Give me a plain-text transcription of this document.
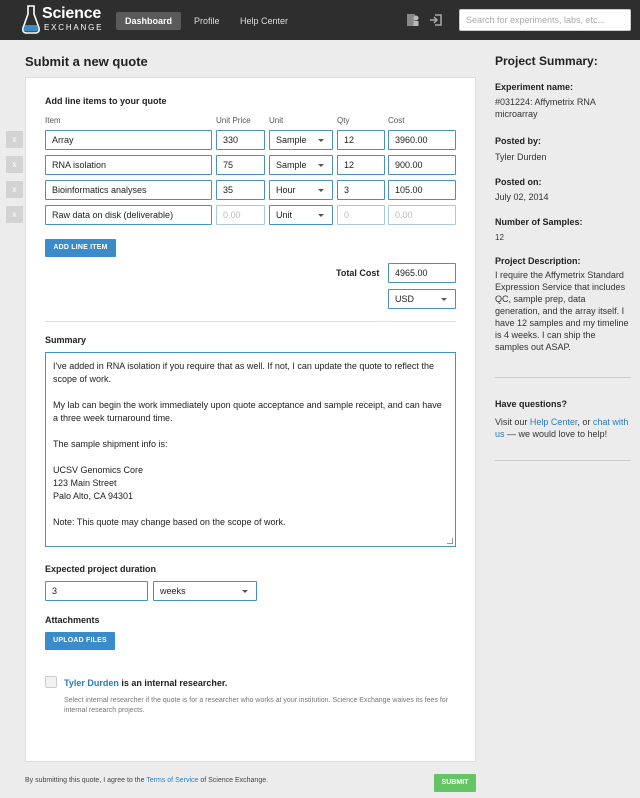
Science
EXCHANGE
Dashboard	Profile Help Center
Search for experiments, labs, etc...
Submit a new quote
Add line items to your quote
Item	Unit Price Unit	Qty	Cost
x	Array	330	Sample	12	3960.00
x	RNA isolation	75	Sample	12	900.00
x	Bioinformatics analyses	35	Hour	3	105.00
x	Raw data on disk (deliverable)	0.00	Unit	0	0.00
ADD LINE ITEM
Total Cost	4965.00
USD
Summary

I've added in RNA isolation if you require that as well. If not, I can update the quote to reflect the scope of work.

My lab can begin the work immediately upon quote acceptance and sample receipt, and can have a three week turnaround time.

The sample shipment info is:

UCSV Genomics Core

123 Main Street

Palo Alto, CA 94301

Note: This quote may change based on the scope of work.

Expected project duration
3	weeks
Attachments
UPLOAD FILES
Tyler Durden is an internal researcher.
Select internal researcher if the quote is for a researcher who works at your institution. Science Exchange waives its fees for internal research projects.
By submitting this quote, I agree to the Terms of Service of Science Exchange.	SUBMIT
Project Summary:
Experiment name:
#031224: Affymetrix RNA microarray
Posted by:
Tyler Durden
Posted on:
July 02, 2014
Number of Samples:
12
Project Description:
I require the Affymetrix Standard Expression Service that includes QC, sample prep, data generation, and the array itself. I have 12 samples and my timeline is 4 weeks. I can ship the samples out ASAP.
Have questions?
Visit our Help Center, or chat with us — we would love to help!
